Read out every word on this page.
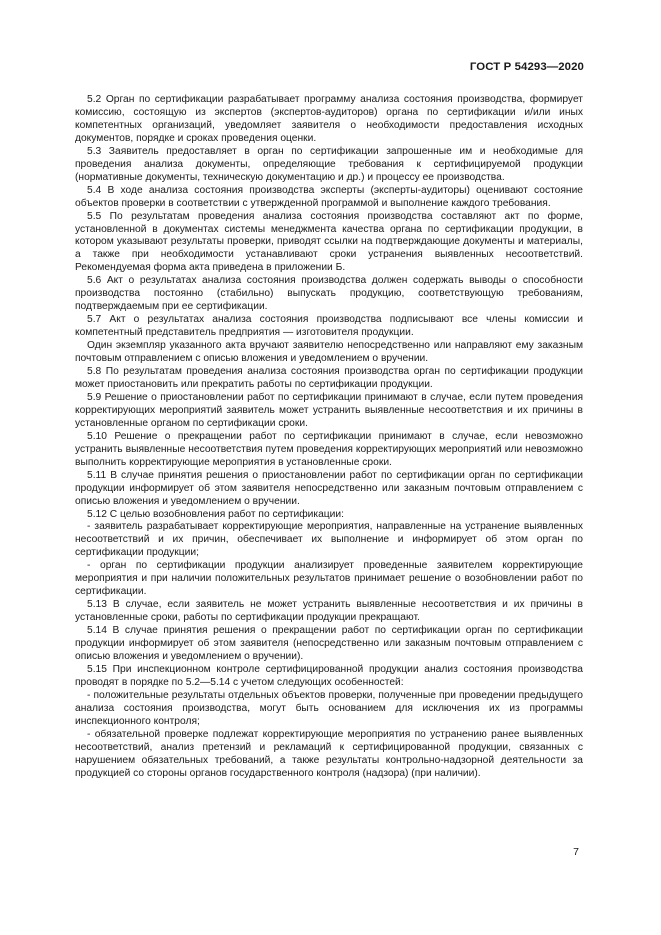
ГОСТ Р 54293—2020

5.2 Орган по сертификации разрабатывает программу анализа состояния производства, формирует комиссию, состоящую из экспертов (экспертов-аудиторов) органа по сертификации и/или иных компетентных организаций, уведомляет заявителя о необходимости предоставления исходных документов, порядке и сроках проведения оценки.

5.3 Заявитель предоставляет в орган по сертификации запрошенные им и необходимые для проведения анализа документы, определяющие требования к сертифицируемой продукции (нормативные документы, техническую документацию и др.) и процессу ее производства.

5.4 В ходе анализа состояния производства эксперты (эксперты-аудиторы) оценивают состояние объектов проверки в соответствии с утвержденной программой и выполнение каждого требования.

5.5 По результатам проведения анализа состояния производства составляют акт по форме, установленной в документах системы менеджмента качества органа по сертификации продукции, в котором указывают результаты проверки, приводят ссылки на подтверждающие документы и материалы, а также при необходимости устанавливают сроки устранения выявленных несоответствий. Рекомендуемая форма акта приведена в приложении Б.

5.6 Акт о результатах анализа состояния производства должен содержать выводы о способности производства постоянно (стабильно) выпускать продукцию, соответствующую требованиям, подтверждаемым при ее сертификации.

5.7 Акт о результатах анализа состояния производства подписывают все члены комиссии и компетентный представитель предприятия — изготовителя продукции.

Один экземпляр указанного акта вручают заявителю непосредственно или направляют ему заказным почтовым отправлением с описью вложения и уведомлением о вручении.

5.8 По результатам проведения анализа состояния производства орган по сертификации продукции может приостановить или прекратить работы по сертификации продукции.

5.9 Решение о приостановлении работ по сертификации принимают в случае, если путем проведения корректирующих мероприятий заявитель может устранить выявленные несоответствия и их причины в установленные органом по сертификации сроки.

5.10 Решение о прекращении работ по сертификации принимают в случае, если невозможно устранить выявленные несоответствия путем проведения корректирующих мероприятий или невозможно выполнить корректирующие мероприятия в установленные сроки.

5.11 В случае принятия решения о приостановлении работ по сертификации орган по сертификации продукции информирует об этом заявителя непосредственно или заказным почтовым отправлением с описью вложения и уведомлением о вручении.

5.12 С целью возобновления работ по сертификации:

- заявитель разрабатывает корректирующие мероприятия, направленные на устранение выявленных несоответствий и их причин, обеспечивает их выполнение и информирует об этом орган по сертификации продукции;

- орган по сертификации продукции анализирует проведенные заявителем корректирующие мероприятия и при наличии положительных результатов принимает решение о возобновлении работ по сертификации.

5.13 В случае, если заявитель не может устранить выявленные несоответствия и их причины в установленные сроки, работы по сертификации продукции прекращают.

5.14 В случае принятия решения о прекращении работ по сертификации орган по сертификации продукции информирует об этом заявителя (непосредственно или заказным почтовым отправлением с описью вложения и уведомлением о вручении).

5.15 При инспекционном контроле сертифицированной продукции анализ состояния производства проводят в порядке по 5.2—5.14 с учетом следующих особенностей:

- положительные результаты отдельных объектов проверки, полученные при проведении предыдущего анализа состояния производства, могут быть основанием для исключения их из программы инспекционного контроля;

- обязательной проверке подлежат корректирующие мероприятия по устранению ранее выявленных несоответствий, анализ претензий и рекламаций к сертифицированной продукции, связанных с нарушением обязательных требований, а также результаты контрольно-надзорной деятельности за продукцией со стороны органов государственного контроля (надзора) (при наличии).

7
